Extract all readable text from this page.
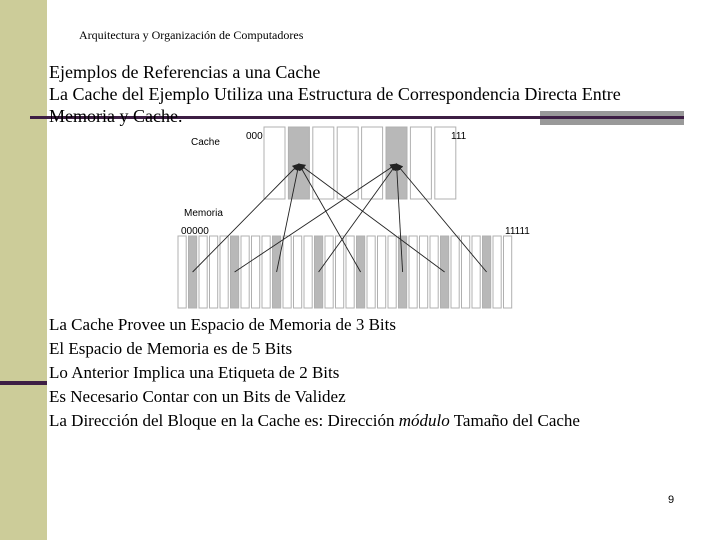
Arquitectura y Organización de Computadores
Ejemplos de Referencias a una Cache
La Cache del Ejemplo Utiliza una Estructura de Correspondencia Directa Entre
Memoria y Cache.
Cache
000	111
Memoria
00000	11111
La Cache Provee un Espacio de Memoria de 3 Bits
El Espacio de Memoria es de 5 Bits
Lo Anterior Implica una Etiqueta de 2 Bits
Es Necesario Contar con un Bits de Validez
La Dirección del Bloque en la Cache es: Dirección módulo Tamaño del Cache
9
